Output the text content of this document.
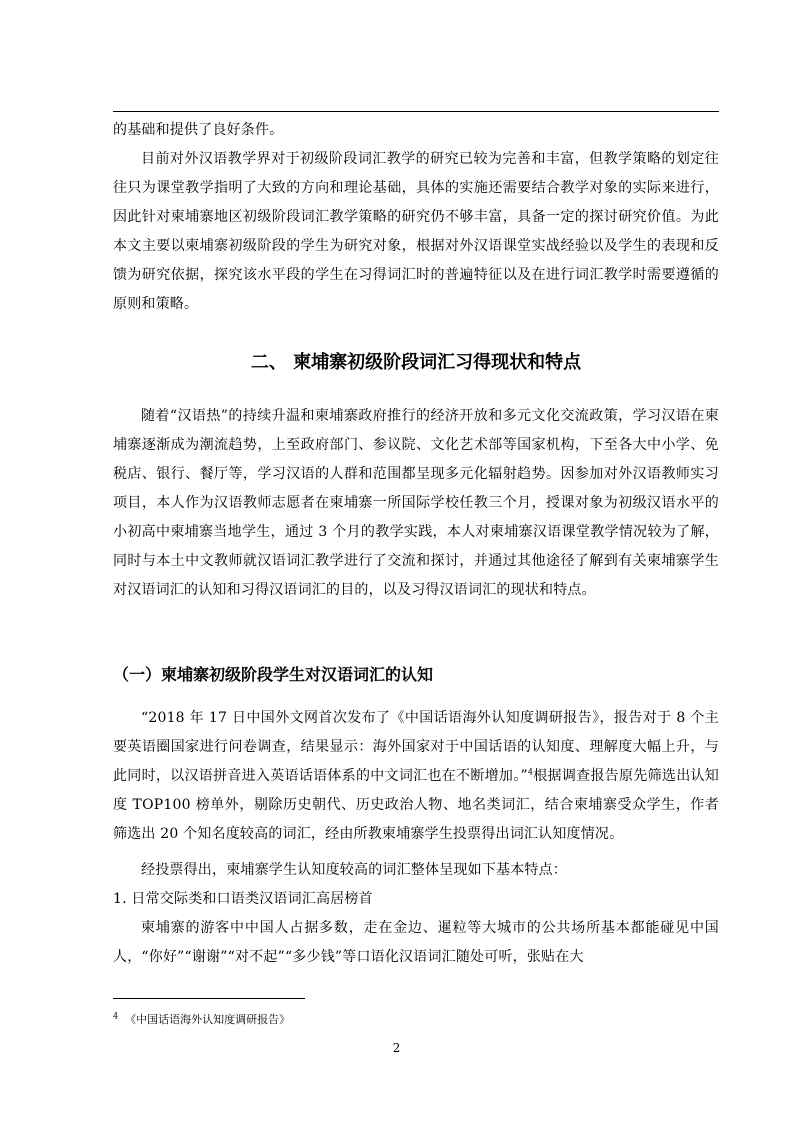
的基础和提供了良好条件。
目前对外汉语教学界对于初级阶段词汇教学的研究已较为完善和丰富，但教学策略的划定往往只为课堂教学指明了大致的方向和理论基础，具体的实施还需要结合教学对象的实际来进行，因此针对柬埔寨地区初级阶段词汇教学策略的研究仍不够丰富，具备一定的探讨研究价值。为此本文主要以柬埔寨初级阶段的学生为研究对象，根据对外汉语课堂实战经验以及学生的表现和反馈为研究依据，探究该水平段的学生在习得词汇时的普遍特征以及在进行词汇教学时需要遵循的原则和策略。
二、 柬埔寨初级阶段词汇习得现状和特点
随着“汉语热”的持续升温和柬埔寨政府推行的经济开放和多元文化交流政策，学习汉语在柬埔寨逐渐成为潮流趋势，上至政府部门、参议院、文化艺术部等国家机构，下至各大中小学、免税店、银行、餐厅等，学习汉语的人群和范围都呈现多元化辐射趋势。因参加对外汉语教师实习项目，本人作为汉语教师志愿者在柬埔寨一所国际学校任教三个月，授课对象为初级汉语水平的小初高中柬埔寨当地学生，通过 3 个月的教学实践，本人对柬埔寨汉语课堂教学情况较为了解，同时与本土中文教师就汉语词汇教学进行了交流和探讨，并通过其他途径了解到有关柬埔寨学生对汉语词汇的认知和习得汉语词汇的目的，以及习得汉语词汇的现状和特点。
（一）柬埔寨初级阶段学生对汉语词汇的认知
“2018 年 17 日中国外文网首次发布了《中国话语海外认知度调研报告》，报告对于 8 个主要英语圈国家进行问卷调查，结果显示：海外国家对于中国话语的认知度、理解度大幅上升，与此同时，以汉语拼音进入英语话语体系的中文词汇也在不断增加。”$^4$根据调查报告原先筛选出认知度 TOP100 榜单外，剔除历史朝代、历史政治人物、地名类词汇，结合柬埔寨受众学生，作者筛选出 20 个知名度较高的词汇，经由所教柬埔寨学生投票得出词汇认知度情况。
经投票得出，柬埔寨学生认知度较高的词汇整体呈现如下基本特点：
1. 日常交际类和口语类汉语词汇高居榜首
柬埔寨的游客中中国人占据多数，走在金边、暹粒等大城市的公共场所基本都能碰见中国人，“你好”“谢谢”“对不起”“多少钱”等口语化汉语词汇随处可听，张贴在大
$^4$ 《中国话语海外认知度调研报告》
2
